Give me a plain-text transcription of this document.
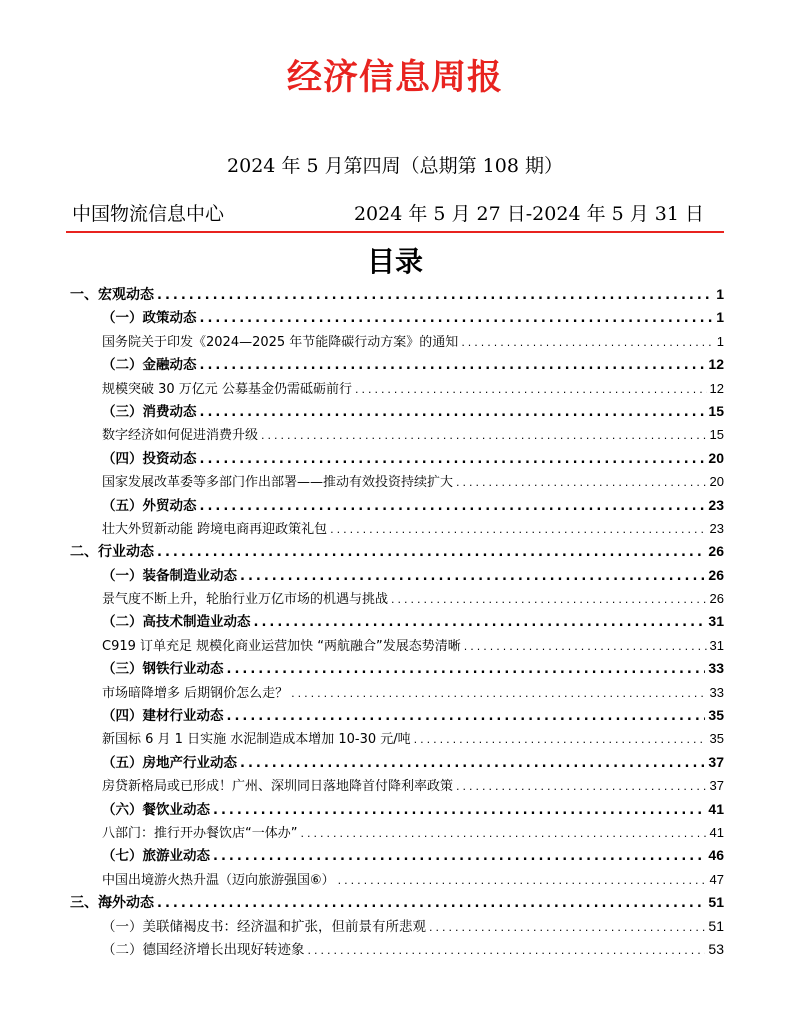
经济信息周报
2024 年 5 月第四周（总期第 108 期）
中国物流信息中心	2024 年 5 月 27 日-2024 年 5 月 31 日
目录
一、宏观动态 .....	1
（一）政策动态 .....	1
国务院关于印发《2024—2025 年节能降碳行动方案》的通知 .....	1
（二）金融动态 .....	12
规模突破 30 万亿元 公募基金仍需砥砺前行 .....	12
（三）消费动态 .....	15
数字经济如何促进消费升级 .....	15
（四）投资动态 .....	20
国家发展改革委等多部门作出部署——推动有效投资持续扩大 .....	20
（五）外贸动态 .....	23
壮大外贸新动能 跨境电商再迎政策礼包 .....	23
二、行业动态 .....	26
（一）装备制造业动态 .....	26
景气度不断上升，轮胎行业万亿市场的机遇与挑战 .....	26
（二）高技术制造业动态 .....	31
C919 订单充足 规模化商业运营加快 “两航融合”发展态势清晰 .....	31
（三）钢铁行业动态 .....	33
市场暗降增多 后期钢价怎么走？ .....	33
（四）建材行业动态 .....	35
新国标 6 月 1 日实施 水泥制造成本增加 10-30 元/吨 .....	35
（五）房地产行业动态 .....	37
房贷新格局或已形成！广州、深圳同日落地降首付降利率政策 .....	37
（六）餐饮业动态 .....	41
八部门：推行开办餐饮店“一体办” .....	41
（七）旅游业动态 .....	46
中国出境游火热升温（迈向旅游强国⑥） .....	47
三、海外动态 .....	51
（一）美联储褐皮书：经济温和扩张，但前景有所悲观 .....	51
（二）德国经济增长出现好转迹象 .....	53
